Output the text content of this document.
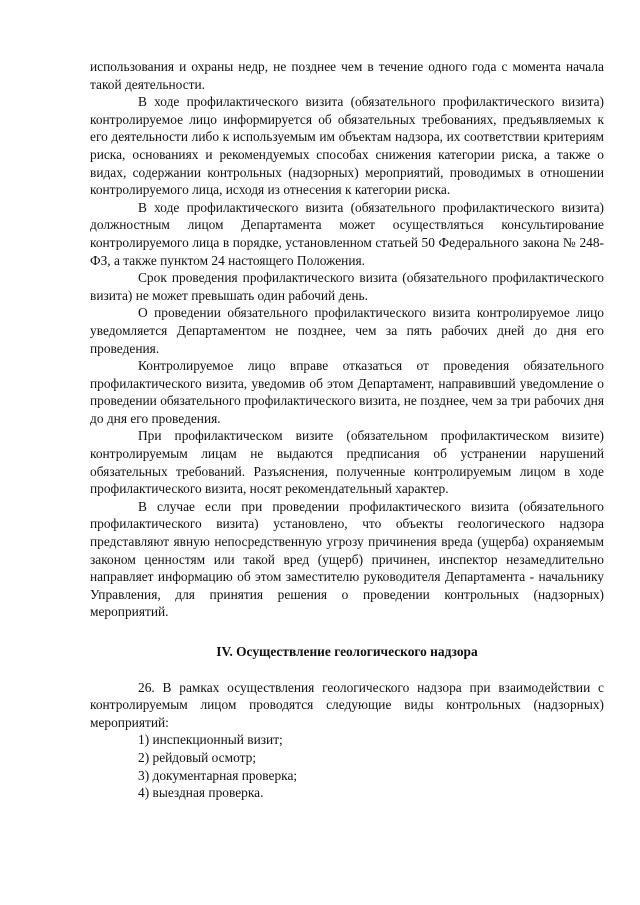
использования и охраны недр, не позднее чем в течение одного года с момента начала такой деятельности.

В ходе профилактического визита (обязательного профилактического визита) контролируемое лицо информируется об обязательных требованиях, предъявляемых к его деятельности либо к используемым им объектам надзора, их соответствии критериям риска, основаниях и рекомендуемых способах снижения категории риска, а также о видах, содержании контрольных (надзорных) мероприятий, проводимых в отношении контролируемого лица, исходя из отнесения к категории риска.

В ходе профилактического визита (обязательного профилактического визита) должностным лицом Департамента может осуществляться консультирование контролируемого лица в порядке, установленном статьей 50 Федерального закона № 248-ФЗ, а также пунктом 24 настоящего Положения.

Срок проведения профилактического визита (обязательного профилактического визита) не может превышать один рабочий день.

О проведении обязательного профилактического визита контролируемое лицо уведомляется Департаментом не позднее, чем за пять рабочих дней до дня его проведения.

Контролируемое лицо вправе отказаться от проведения обязательного профилактического визита, уведомив об этом Департамент, направивший уведомление о проведении обязательного профилактического визита, не позднее, чем за три рабочих дня до дня его проведения.

При профилактическом визите (обязательном профилактическом визите) контролируемым лицам не выдаются предписания об устранении нарушений обязательных требований. Разъяснения, полученные контролируемым лицом в ходе профилактического визита, носят рекомендательный характер.

В случае если при проведении профилактического визита (обязательного профилактического визита) установлено, что объекты геологического надзора представляют явную непосредственную угрозу причинения вреда (ущерба) охраняемым законом ценностям или такой вред (ущерб) причинен, инспектор незамедлительно направляет информацию об этом заместителю руководителя Департамента - начальнику Управления, для принятия решения о проведении контрольных (надзорных) мероприятий.

IV. Осуществление геологического надзора

26. В рамках осуществления геологического надзора при взаимодействии с контролируемым лицом проводятся следующие виды контрольных (надзорных) мероприятий:

1) инспекционный визит;
2) рейдовый осмотр;
3) документарная проверка;
4) выездная проверка.
